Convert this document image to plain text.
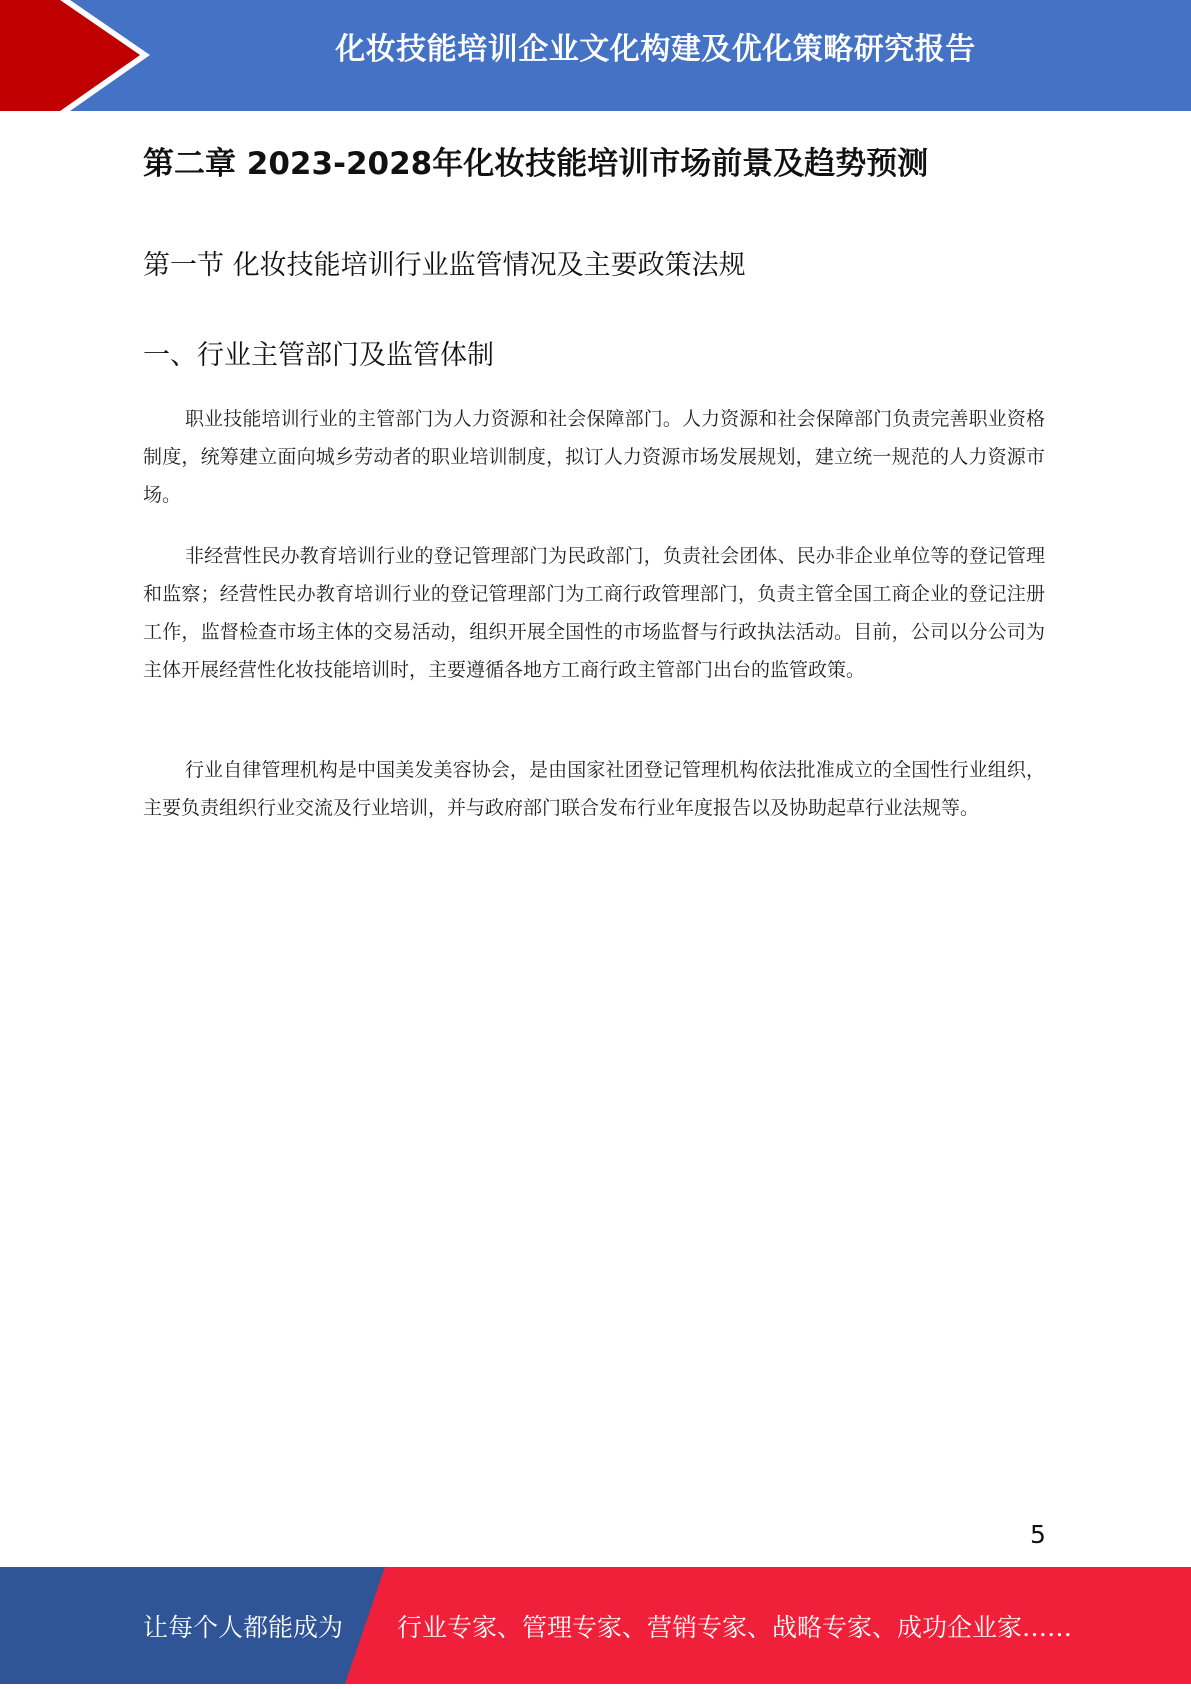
化妆技能培训企业文化构建及优化策略研究报告
第二章 2023-2028年化妆技能培训市场前景及趋势预测
第一节 化妆技能培训行业监管情况及主要政策法规
一、行业主管部门及监管体制

职业技能培训行业的主管部门为人力资源和社会保障部门。人力资源和社会保障部门负责完善职业资格制度，统筹建立面向城乡劳动者的职业培训制度，拟订人力资源市场发展规划，建立统一规范的人力资源市场。

非经营性民办教育培训行业的登记管理部门为民政部门，负责社会团体、民办非企业单位等的登记管理和监察；经营性民办教育培训行业的登记管理部门为工商行政管理部门，负责主管全国工商企业的登记注册工作，监督检查市场主体的交易活动，组织开展全国性的市场监督与行政执法活动。目前，公司以分公司为主体开展经营性化妆技能培训时，主要遵循各地方工商行政主管部门出台的监管政策。

行业自律管理机构是中国美发美容协会，是由国家社团登记管理机构依法批准成立的全国性行业组织，主要负责组织行业交流及行业培训，并与政府部门联合发布行业年度报告以及协助起草行业法规等。

5
让每个人都能成为 行业专家、管理专家、营销专家、战略专家、成功企业家……
